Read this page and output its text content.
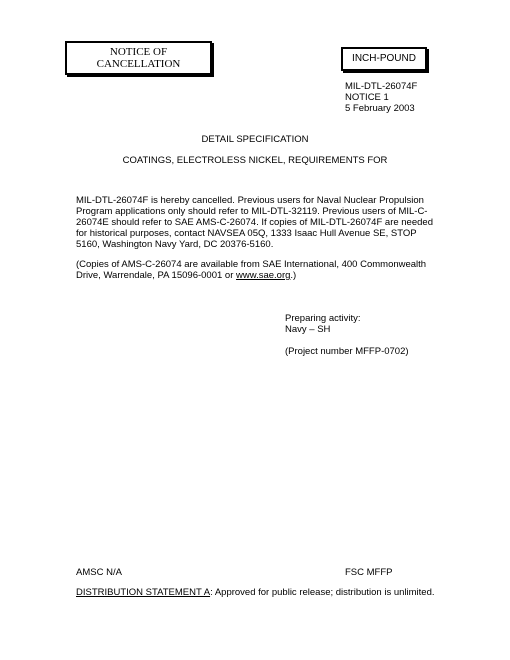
NOTICE OF
CANCELLATION	INCH-POUND
MIL-DTL-26074F
NOTICE 1
5 February 2003
DETAIL SPECIFICATION
COATINGS, ELECTROLESS NICKEL, REQUIREMENTS FOR
MIL-DTL-26074F is hereby cancelled. Previous users for Naval Nuclear Propulsion Program applications only should refer to MIL-DTL-32119. Previous users of MIL-C-26074E should refer to SAE AMS-C-26074. If copies of MIL-DTL-26074F are needed for historical purposes, contact NAVSEA 05Q, 1333 Isaac Hull Avenue SE, STOP 5160, Washington Navy Yard, DC 20376-5160.
(Copies of AMS-C-26074 are available from SAE International, 400 Commonwealth Drive, Warrendale, PA 15096-0001 or www.sae.org.)
Preparing activity:
Navy – SH
(Project number MFFP-0702)
AMSC N/A	FSC MFFP
DISTRIBUTION STATEMENT A: Approved for public release; distribution is unlimited.
